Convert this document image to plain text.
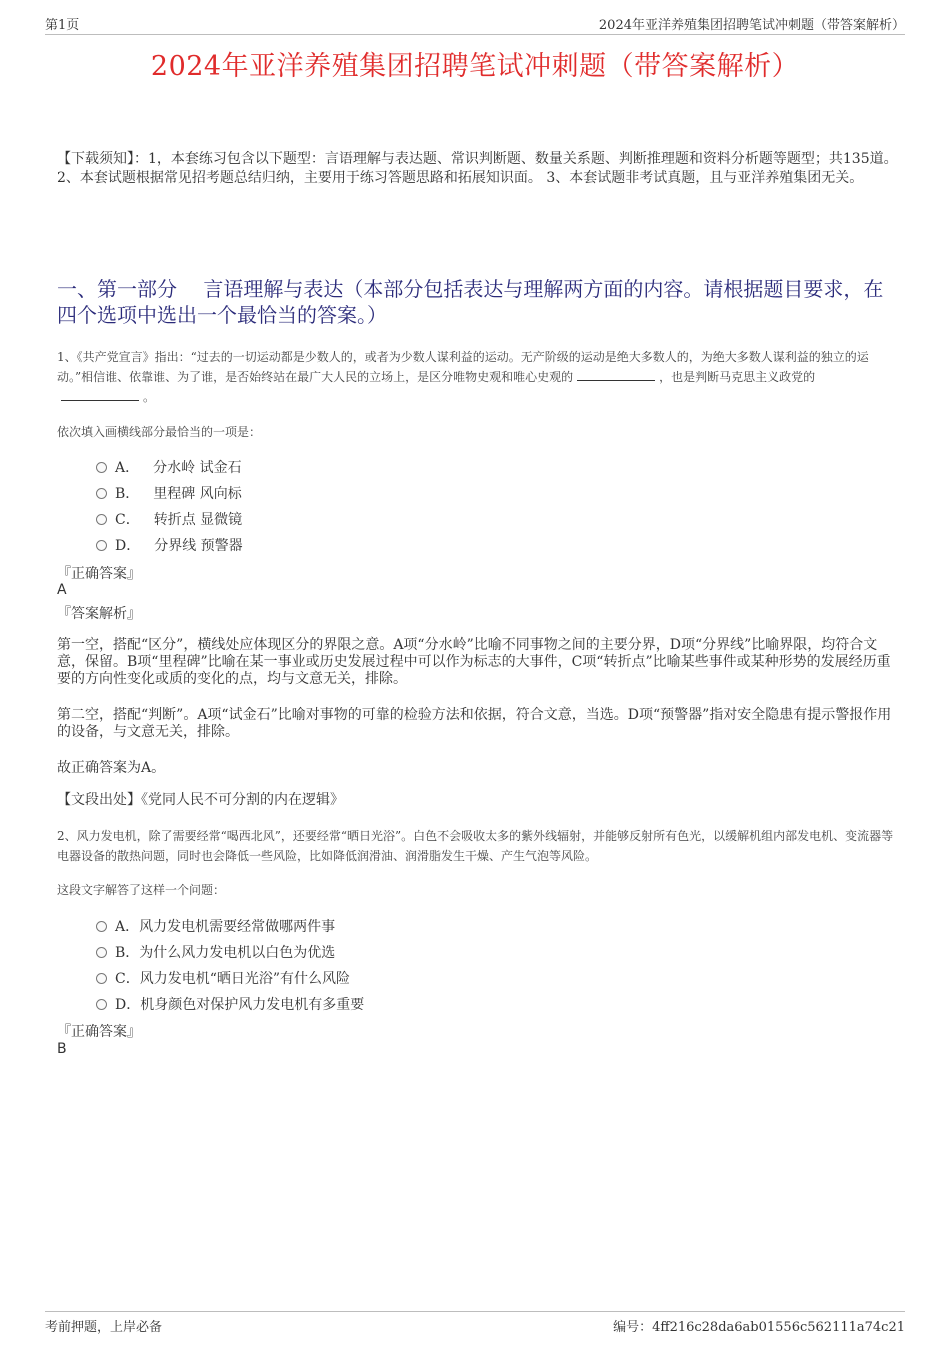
第1页	2024年亚洋养殖集团招聘笔试冲刺题（带答案解析）
2024年亚洋养殖集团招聘笔试冲刺题（带答案解析）
【下载须知】：1，本套练习包含以下题型：言语理解与表达题、常识判断题、数量关系题、判断推理题和资料分析题等题型；共135道。 2、本套试题根据常见招考题总结归纳，主要用于练习答题思路和拓展知识面。 3、本套试题非考试真题，且与亚洋养殖集团无关。
一、第一部分　 言语理解与表达（本部分包括表达与理解两方面的内容。请根据题目要求，在四个选项中选出一个最恰当的答案。）
1、《共产党宣言》指出：“过去的一切运动都是少数人的，或者为少数人谋利益的运动。无产阶级的运动是绝大多数人的，为绝大多数人谋利益的独立的运动。”相信谁、依靠谁、为了谁，是否始终站在最广大人民的立场上，是区分唯物史观和唯心史观的	，也是判断马克思主义政党的。
依次填入画横线部分最恰当的一项是：
A． 分水岭 试金石
B． 里程碑 风向标
C． 转折点 显微镜
D． 分界线 预警器
『正确答案』
A
『答案解析』
第一空，搭配“区分”，横线处应体现区分的界限之意。A项“分水岭”比喻不同事物之间的主要分界，D项“分界线”比喻界限，均符合文意，保留。B项“里程碑”比喻在某一事业或历史发展过程中可以作为标志的大事件，C项“转折点”比喻某些事件或某种形势的发展经历重要的方向性变化或质的变化的点，均与文意无关，排除。
第二空，搭配“判断”。A项“试金石”比喻对事物的可靠的检验方法和依据，符合文意，当选。D项“预警器”指对安全隐患有提示警报作用的设备，与文意无关，排除。
故正确答案为A。
【文段出处】《党同人民不可分割的内在逻辑》
2、风力发电机，除了需要经常“喝西北风”，还要经常“晒日光浴”。白色不会吸收太多的紫外线辐射，并能够反射所有色光，以缓解机组内部发电机、变流器等电器设备的散热问题，同时也会降低一些风险，比如降低润滑油、润滑脂发生干燥、产生气泡等风险。
这段文字解答了这样一个问题：
A．风力发电机需要经常做哪两件事
B．为什么风力发电机以白色为优选
C．风力发电机“晒日光浴”有什么风险
D．机身颜色对保护风力发电机有多重要
『正确答案』
B
考前押题，上岸必备	编号：4ff216c28da6ab01556c562111a74c21
